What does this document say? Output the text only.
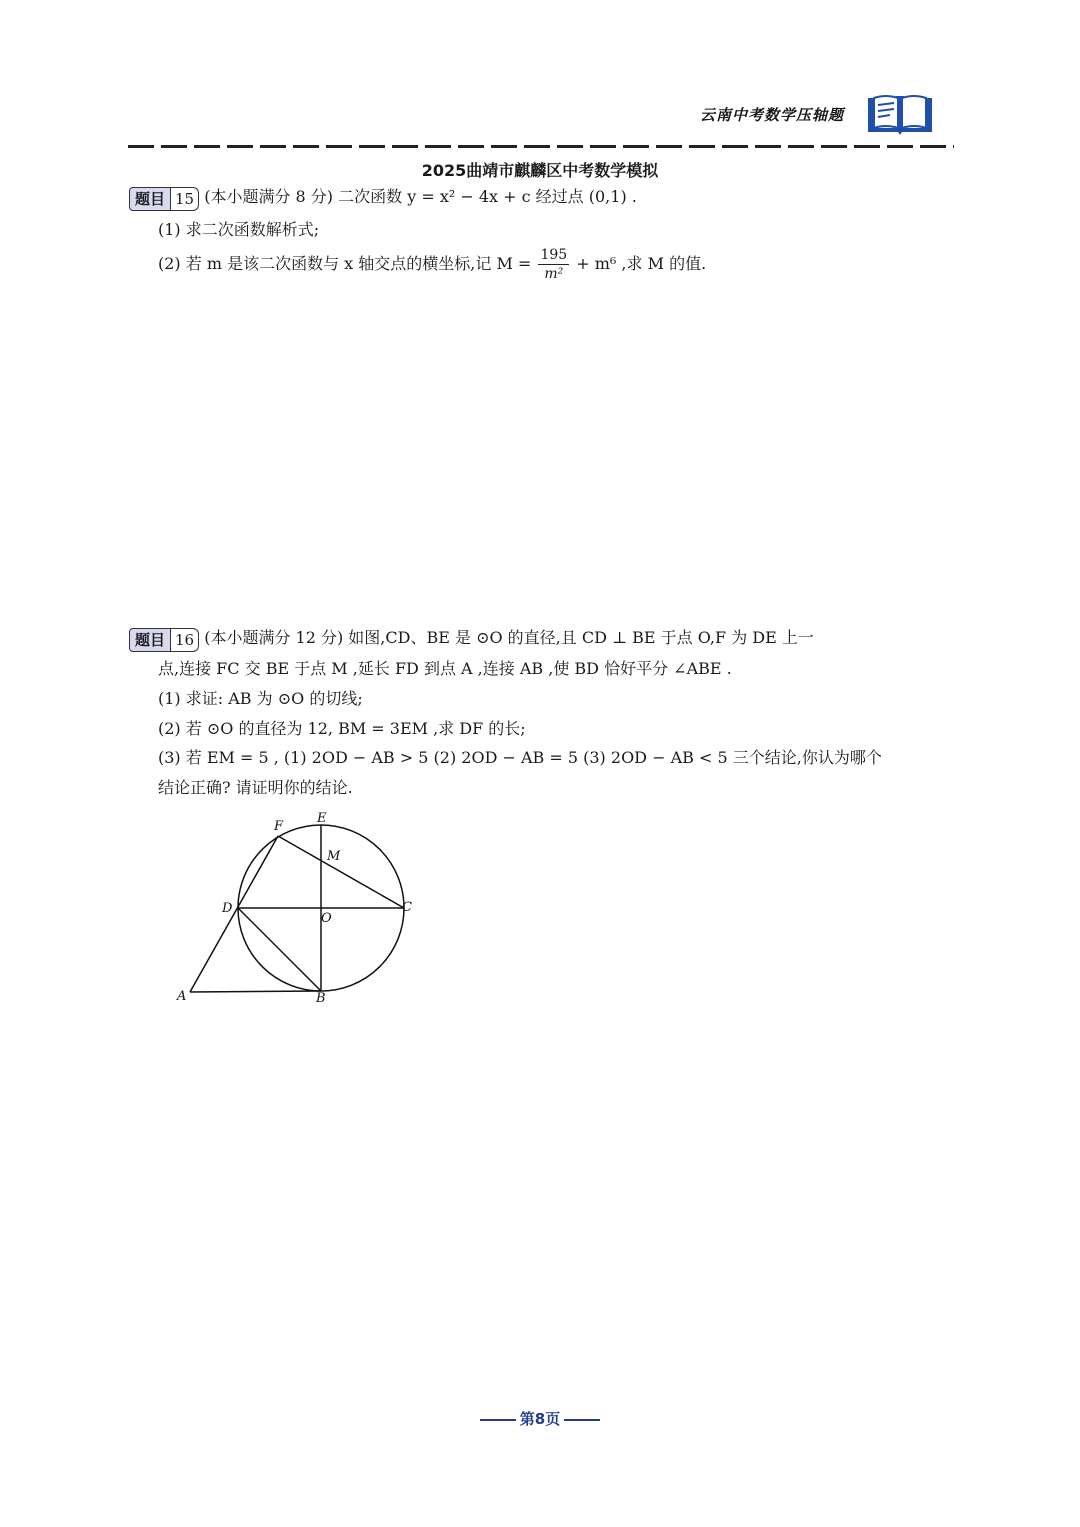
云南中考数学压轴题
2025曲靖市麒麟区中考数学模拟
题目 15 (本小题满分 8 分) 二次函数 y = x² − 4x + c 经过点 (0,1) .
(1) 求二次函数解析式;
(2) 若 m 是该二次函数与 x 轴交点的横坐标,记 $M = \frac{195}{\text{m²}} + m^6$ ,求 M 的值.
题目 16 (本小题满分 12 分) 如图,CD、BE 是 ⊙O 的直径,且 CD ⊥ BE 于点 O,F 为 DE 上一
点,连接 FC 交 BE 于点 M ,延长 FD 到点 A ,连接 AB ,使 BD 恰好平分 ∠ABE .
(1) 求证: AB 为 ⊙O 的切线;
(2) 若 ⊙O 的直径为 12, BM = 3EM ,求 DF 的长;
(3) 若 EM = 5 , (1) 2OD − AB > 5 (2) 2OD − AB = 5 (3) 2OD − AB < 5 三个结论,你认为哪个
结论正确? 请证明你的结论.
F
E
M
D
O
C
A	B
第8页
